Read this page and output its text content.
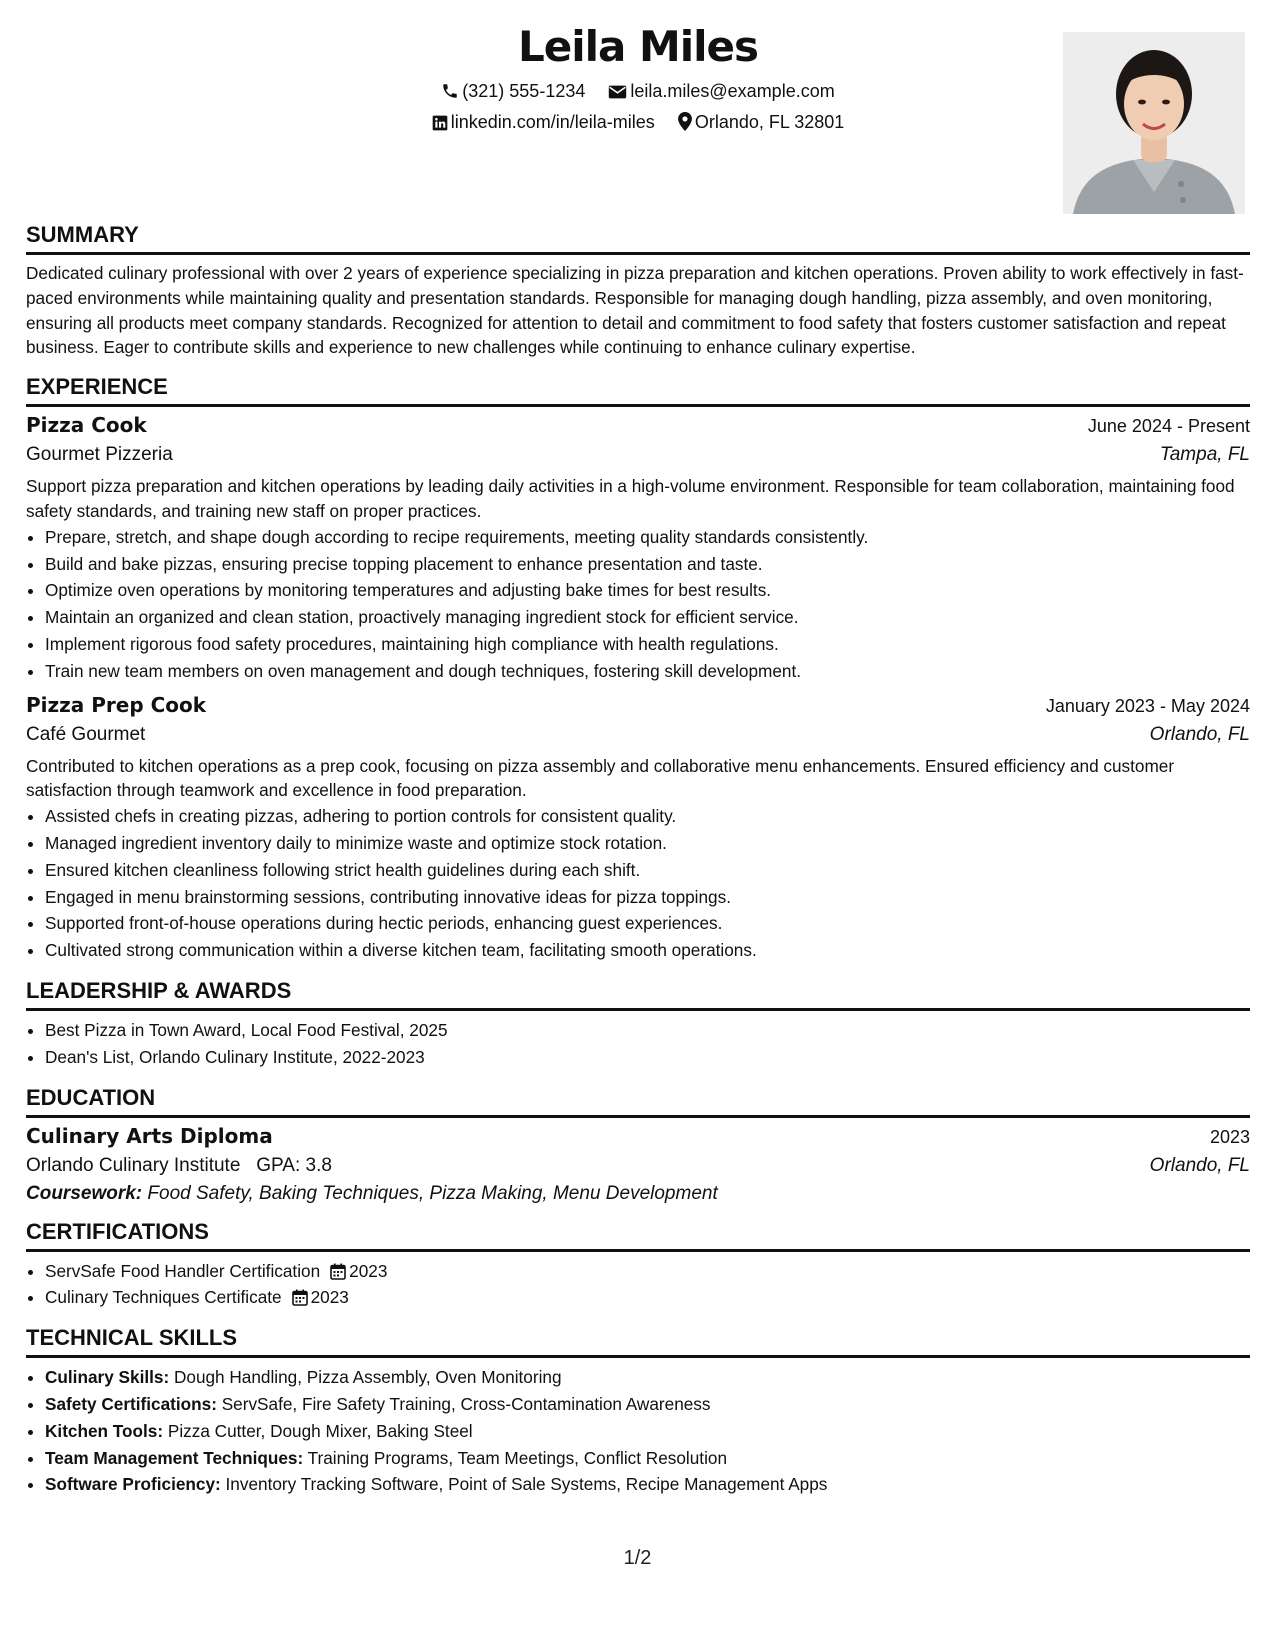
Leila Miles
(321) 555-1234	leila.miles@example.com
linkedin.com/in/leila-miles Orlando, FL 32801
SUMMARY

Dedicated culinary professional with over 2 years of experience specializing in pizza preparation and kitchen operations. Proven ability to work effectively in fast-paced environments while maintaining quality and presentation standards. Responsible for managing dough handling, pizza assembly, and oven monitoring, ensuring all products meet company standards. Recognized for attention to detail and commitment to food safety that fosters customer satisfaction and repeat business. Eager to contribute skills and experience to new challenges while continuing to enhance culinary expertise.

EXPERIENCE
Pizza Cook	June 2024 - Present
Gourmet Pizzeria	Tampa, FL
Support pizza preparation and kitchen operations by leading daily activities in a high-volume environment. Responsible for team collaboration, maintaining food safety standards, and training new staff on proper practices.
• Prepare, stretch, and shape dough according to recipe requirements, meeting quality standards consistently.
• Build and bake pizzas, ensuring precise topping placement to enhance presentation and taste.
• Optimize oven operations by monitoring temperatures and adjusting bake times for best results.
• Maintain an organized and clean station, proactively managing ingredient stock for efficient service.
• Implement rigorous food safety procedures, maintaining high compliance with health regulations.
• Train new team members on oven management and dough techniques, fostering skill development.
Pizza Prep Cook	January 2023 - May 2024
Café Gourmet	Orlando, FL
Contributed to kitchen operations as a prep cook, focusing on pizza assembly and collaborative menu enhancements. Ensured efficiency and customer satisfaction through teamwork and excellence in food preparation.
• Assisted chefs in creating pizzas, adhering to portion controls for consistent quality.
• Managed ingredient inventory daily to minimize waste and optimize stock rotation.
• Ensured kitchen cleanliness following strict health guidelines during each shift.
• Engaged in menu brainstorming sessions, contributing innovative ideas for pizza toppings.
• Supported front-of-house operations during hectic periods, enhancing guest experiences.
• Cultivated strong communication within a diverse kitchen team, facilitating smooth operations.
LEADERSHIP & AWARDS
• Best Pizza in Town Award, Local Food Festival, 2025
• Dean's List, Orlando Culinary Institute, 2022-2023
EDUCATION
Culinary Arts Diploma	2023
Orlando Culinary Institute GPA: 3.8	Orlando, FL
Coursework: Food Safety, Baking Techniques, Pizza Making, Menu Development
CERTIFICATIONS
• ServSafe Food Handler Certification 2023
• Culinary Techniques Certificate 2023
TECHNICAL SKILLS
• Culinary Skills: Dough Handling, Pizza Assembly, Oven Monitoring
• Safety Certifications: ServSafe, Fire Safety Training, Cross-Contamination Awareness
• Kitchen Tools: Pizza Cutter, Dough Mixer, Baking Steel
• Team Management Techniques: Training Programs, Team Meetings, Conflict Resolution
• Software Proficiency: Inventory Tracking Software, Point of Sale Systems, Recipe Management Apps
1/2
